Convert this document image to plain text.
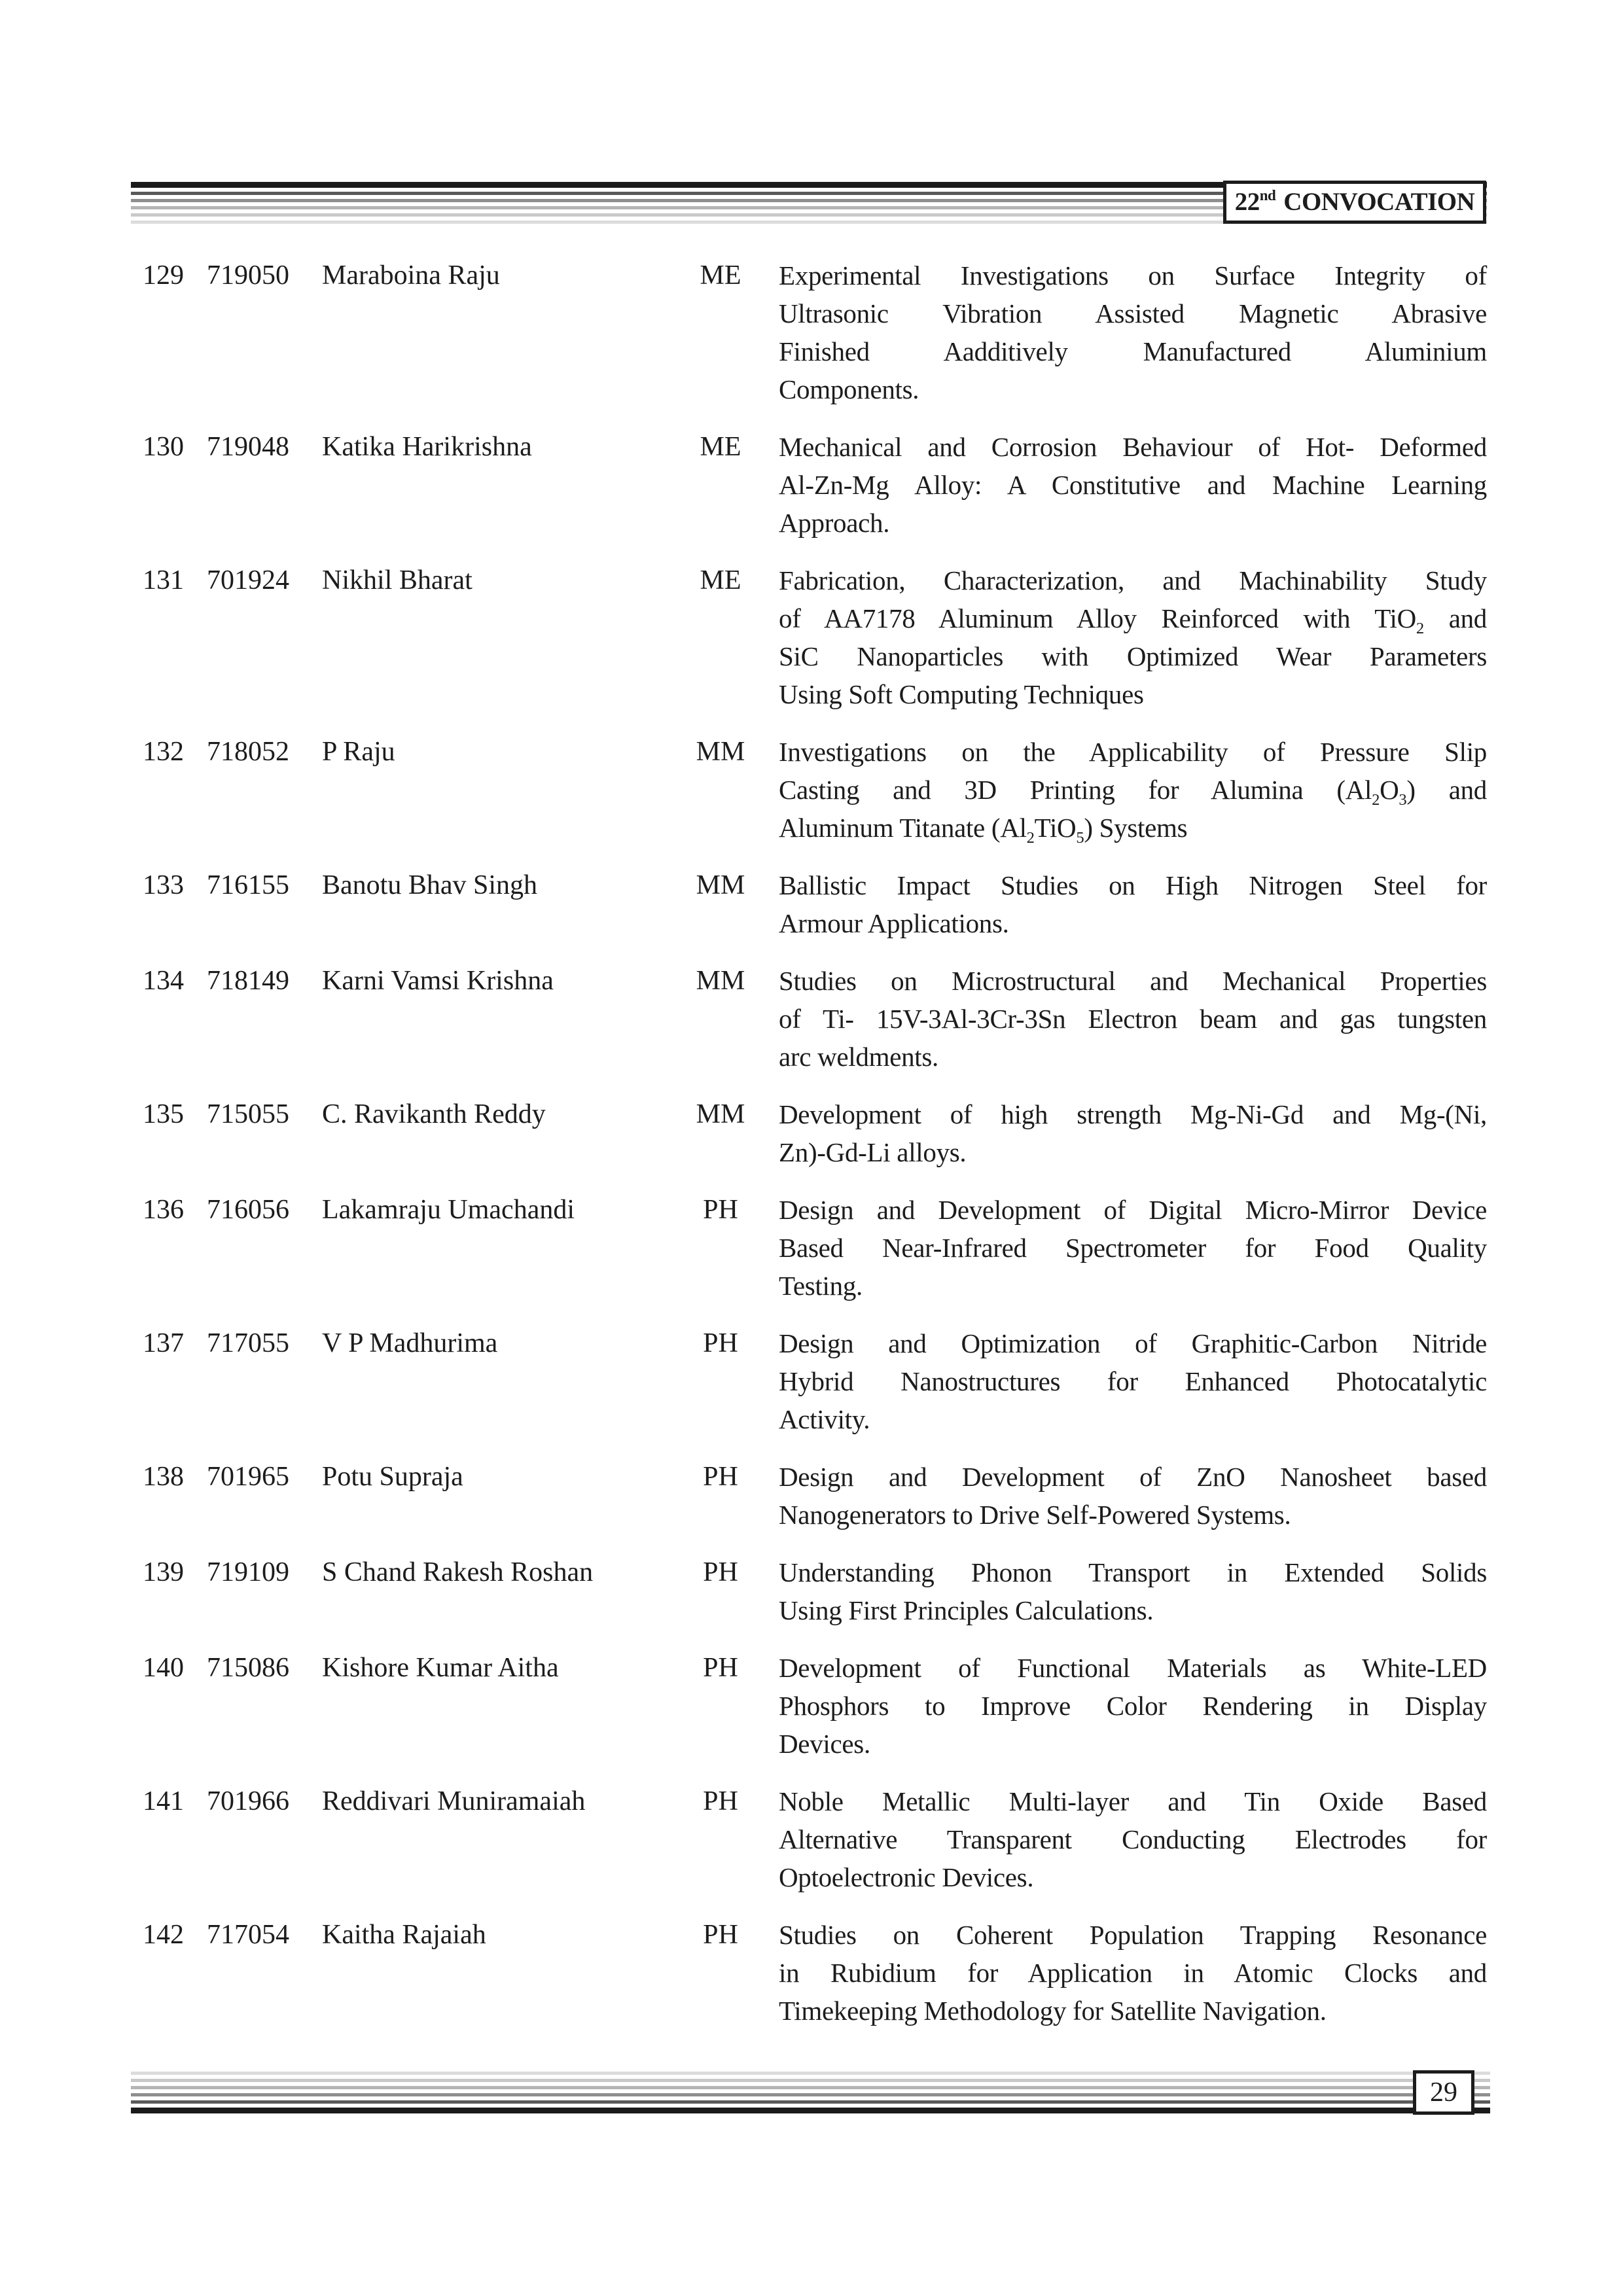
22nd CONVOCATION
129 719050	Maraboina Raju	ME	Experimental Investigations on Surface Integrity of
Ultrasonic Vibration Assisted Magnetic Abrasive
Finished Aadditively Manufactured Aluminium
Components.
130 719048	Katika Harikrishna	ME	Mechanical and Corrosion Behaviour of Hot- Deformed
Al-Zn-Mg Alloy: A Constitutive and Machine Learning
Approach.
131 701924	Nikhil Bharat	ME	Fabrication, Characterization, and Machinability Study
of AA7178 Aluminum Alloy Reinforced with TiO$_2$ and
SiC Nanoparticles with Optimized Wear Parameters
Using Soft Computing Techniques
132 718052	P Raju	MM	Investigations on the Applicability of Pressure Slip
Casting and 3D Printing for Alumina $(Al_2O_3)$ and
Aluminum Titanate $(Al_2TiO_5)$ Systems
133 716155	Banotu Bhav Singh	MM	Ballistic Impact Studies on High Nitrogen Steel for
Armour Applications.
134 718149	Karni Vamsi Krishna	MM	Studies on Microstructural and Mechanical Properties
of Ti- 15V-3Al-3Cr-3Sn Electron beam and gas tungsten
arc weldments.
135 715055	C. Ravikanth Reddy	MM	Development of high strength Mg-Ni-Gd and Mg-(Ni,
Zn)-Gd-Li alloys.
136 716056	Lakamraju Umachandi	PH	Design and Development of Digital Micro-Mirror Device
Based Near-Infrared Spectrometer for Food Quality
Testing.
137 717055	V P Madhurima	PH	Design and Optimization of Graphitic-Carbon Nitride
Hybrid Nanostructures for Enhanced Photocatalytic
Activity.
138 701965	Potu Supraja	PH	Design and Development of ZnO Nanosheet based
Nanogenerators to Drive Self-Powered Systems.
139 719109	S Chand Rakesh Roshan	PH	Understanding Phonon Transport in Extended Solids
Using First Principles Calculations.
140 715086	Kishore Kumar Aitha	PH	Development of Functional Materials as White-LED
Phosphors to Improve Color Rendering in Display
Devices.
141 701966	Reddivari Muniramaiah	PH	Noble Metallic Multi-layer and Tin Oxide Based
Alternative Transparent Conducting Electrodes for
Optoelectronic Devices.
142 717054	Kaitha Rajaiah	PH	Studies on Coherent Population Trapping Resonance
in Rubidium for Application in Atomic Clocks and
Timekeeping Methodology for Satellite Navigation.
29
